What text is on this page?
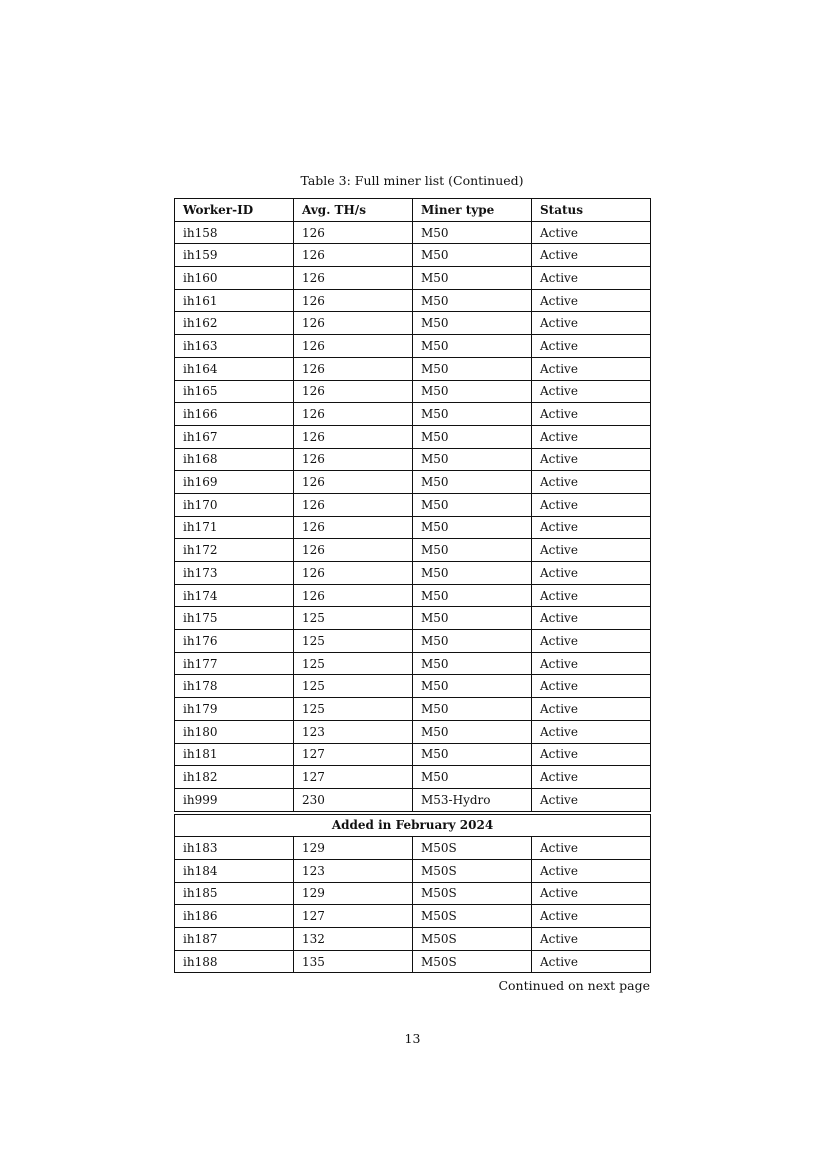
Table 3: Full miner list (Continued)
Worker-ID	Avg. TH/s	Miner type	Status
ih158	126	M50	Active
ih159	126	M50	Active
ih160	126	M50	Active
ih161	126	M50	Active
ih162	126	M50	Active
ih163	126	M50	Active
ih164	126	M50	Active
ih165	126	M50	Active
ih166	126	M50	Active
ih167	126	M50	Active
ih168	126	M50	Active
ih169	126	M50	Active
ih170	126	M50	Active
ih171	126	M50	Active
ih172	126	M50	Active
ih173	126	M50	Active
ih174	126	M50	Active
ih175	125	M50	Active
ih176	125	M50	Active
ih177	125	M50	Active
ih178	125	M50	Active
ih179	125	M50	Active
ih180	123	M50	Active
ih181	127	M50	Active
ih182	127	M50	Active
ih999	230	M53-Hydro	Active

Added in February 2024			
ih183	129	M50S	Active
ih184	123	M50S	Active
ih185	129	M50S	Active
ih186	127	M50S	Active
ih187	132	M50S	Active
ih188	135	M50S	Active
Continued on next page
13
